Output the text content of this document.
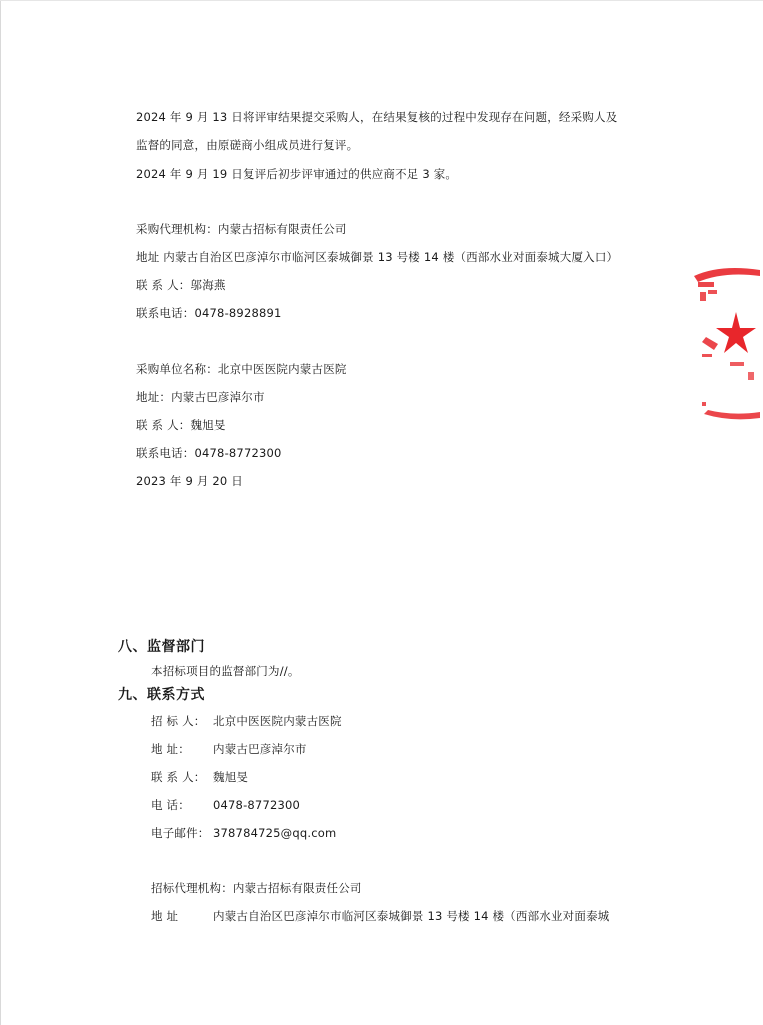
2024 年 9 月 13 日将评审结果提交采购人，在结果复核的过程中发现存在问题，经采购人及
监督的同意，由原磋商小组成员进行复评。
2024 年 9 月 19 日复评后初步评审通过的供应商不足 3 家。
采购代理机构：内蒙古招标有限责任公司
地址 内蒙古自治区巴彦淖尔市临河区泰城御景 13 号楼 14 楼（西部水业对面泰城大厦入口）
联 系 人：邬海燕
联系电话：0478-8928891
采购单位名称：北京中医医院内蒙古医院
地址：内蒙古巴彦淖尔市
联 系 人：魏旭旻
联系电话：0478-8772300
2023 年 9 月 20 日
八、监督部门
本招标项目的监督部门为//。
九、联系方式
招 标 人： 北京中医医院内蒙古医院
地 址： 内蒙古巴彦淖尔市
联 系 人： 魏旭旻
电 话： 0478-8772300
电子邮件： 378784725@qq.com
招标代理机构：内蒙古招标有限责任公司
地 址	内蒙古自治区巴彦淖尔市临河区泰城御景 13 号楼 14 楼（西部水业对面泰城
